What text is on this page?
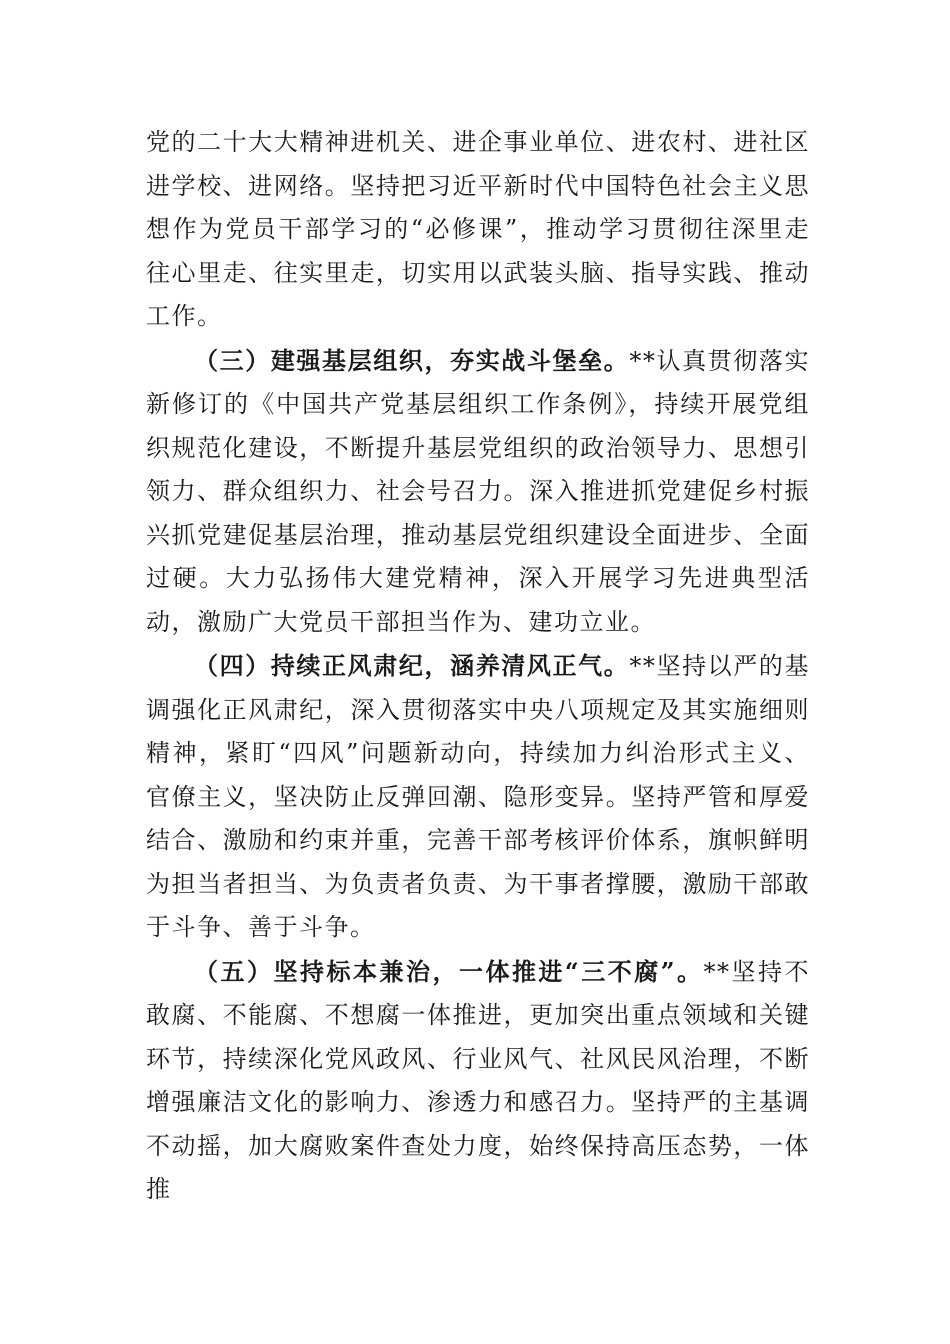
党的二十大大精神进机关、进企事业单位、进农村、进社区进学校、进网络。坚持把习近平新时代中国特色社会主义思想作为党员干部学习的“必修课”，推动学习贯彻往深里走往心里走、往实里走，切实用以武装头脑、指导实践、推动工作。

（三）建强基层组织，夯实战斗堡垒。**认真贯彻落实新修订的《中国共产党基层组织工作条例》，持续开展党组织规范化建设，不断提升基层党组织的政治领导力、思想引领力、群众组织力、社会号召力。深入推进抓党建促乡村振兴抓党建促基层治理，推动基层党组织建设全面进步、全面过硬。大力弘扬伟大建党精神，深入开展学习先进典型活动，激励广大党员干部担当作为、建功立业。

（四）持续正风肃纪，涵养清风正气。**坚持以严的基调强化正风肃纪，深入贯彻落实中央八项规定及其实施细则精神，紧盯“四风”问题新动向，持续加力纠治形式主义、官僚主义，坚决防止反弹回潮、隐形变异。坚持严管和厚爱结合、激励和约束并重，完善干部考核评价体系，旗帜鲜明为担当者担当、为负责者负责、为干事者撑腰，激励干部敢于斗争、善于斗争。

（五）坚持标本兼治，一体推进“三不腐”。**坚持不敢腐、不能腐、不想腐一体推进，更加突出重点领域和关键环节，持续深化党风政风、行业风气、社风民风治理，不断增强廉洁文化的影响力、渗透力和感召力。坚持严的主基调不动摇，加大腐败案件查处力度，始终保持高压态势，一体推
